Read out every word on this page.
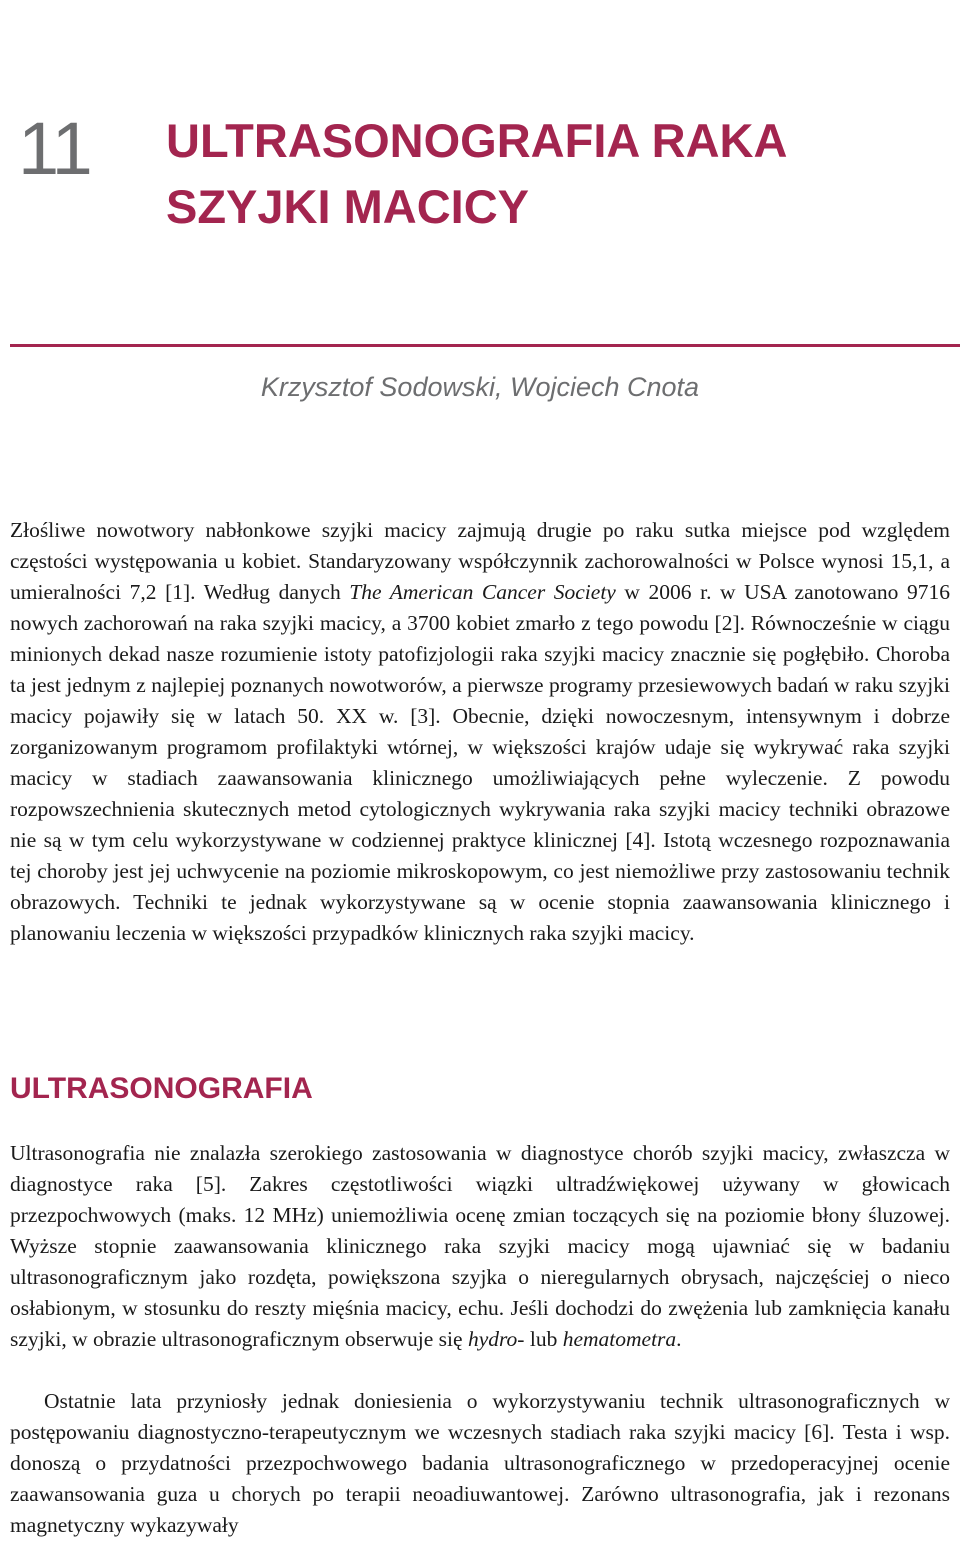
11 ULTRASONOGRAFIA RAKA
SZYJKI MACICY
Krzysztof Sodowski, Wojciech Cnota

Złośliwe nowotwory nabłonkowe szyjki macicy zajmują drugie po raku sutka miejsce pod względem częstości występowania u kobiet. Standaryzowany współczynnik zachorowalności w Polsce wynosi 15,1, a umieralności 7,2 [1]. Według danych The American Cancer Society w 2006 r. w USA zanotowano 9716 nowych zachorowań na raka szyjki macicy, a 3700 kobiet zmarło z tego powodu [2]. Równocześnie w ciągu minionych dekad nasze rozumienie istoty patofizjologii raka szyjki macicy znacznie się pogłębiło. Choroba ta jest jednym z najlepiej poznanych nowotworów, a pierwsze programy przesiewowych badań w raku szyjki macicy pojawiły się w latach 50. XX w. [3]. Obecnie, dzięki nowoczesnym, intensywnym i dobrze zorganizowanym programom profilaktyki wtórnej, w większości krajów udaje się wykrywać raka szyjki macicy w stadiach zaawansowania klinicznego umożliwiających pełne wyleczenie. Z powodu rozpowszechnienia skutecznych metod cytologicznych wykrywania raka szyjki macicy techniki obrazowe nie są w tym celu wykorzystywane w codziennej praktyce klinicznej [4]. Istotą wczesnego rozpoznawania tej choroby jest jej uchwycenie na poziomie mikroskopowym, co jest niemożliwe przy zastosowaniu technik obrazowych. Techniki te jednak wykorzystywane są w ocenie stopnia zaawansowania klinicznego i planowaniu leczenia w większości przypadków klinicznych raka szyjki macicy.

ULTRASONOGRAFIA

Ultrasonografia nie znalazła szerokiego zastosowania w diagnostyce chorób szyjki macicy, zwłaszcza w diagnostyce raka [5]. Zakres częstotliwości wiązki ultradźwiękowej używany w głowicach przezpochwowych (maks. 12 MHz) uniemożliwia ocenę zmian toczących się na poziomie błony śluzowej. Wyższe stopnie zaawansowania klinicznego raka szyjki macicy mogą ujawniać się w badaniu ultrasonograficznym jako rozdęta, powiększona szyjka o nieregularnych obrysach, najczęściej o nieco osłabionym, w stosunku do reszty mięśnia macicy, echu. Jeśli dochodzi do zwężenia lub zamknięcia kanału szyjki, w obrazie ultrasonograficznym obserwuje się hydro- lub hematometra.

Ostatnie lata przyniosły jednak doniesienia o wykorzystywaniu technik ultrasonograficznych w postępowaniu diagnostyczno-terapeutycznym we wczesnych stadiach raka szyjki macicy [6]. Testa i wsp. donoszą o przydatności przezpochwowego badania ultrasonograficznego w przedoperacyjnej ocenie zaawansowania guza u chorych po terapii neoadiuwantowej. Zarówno ultrasonografia, jak i rezonans magnetyczny wykazywały
